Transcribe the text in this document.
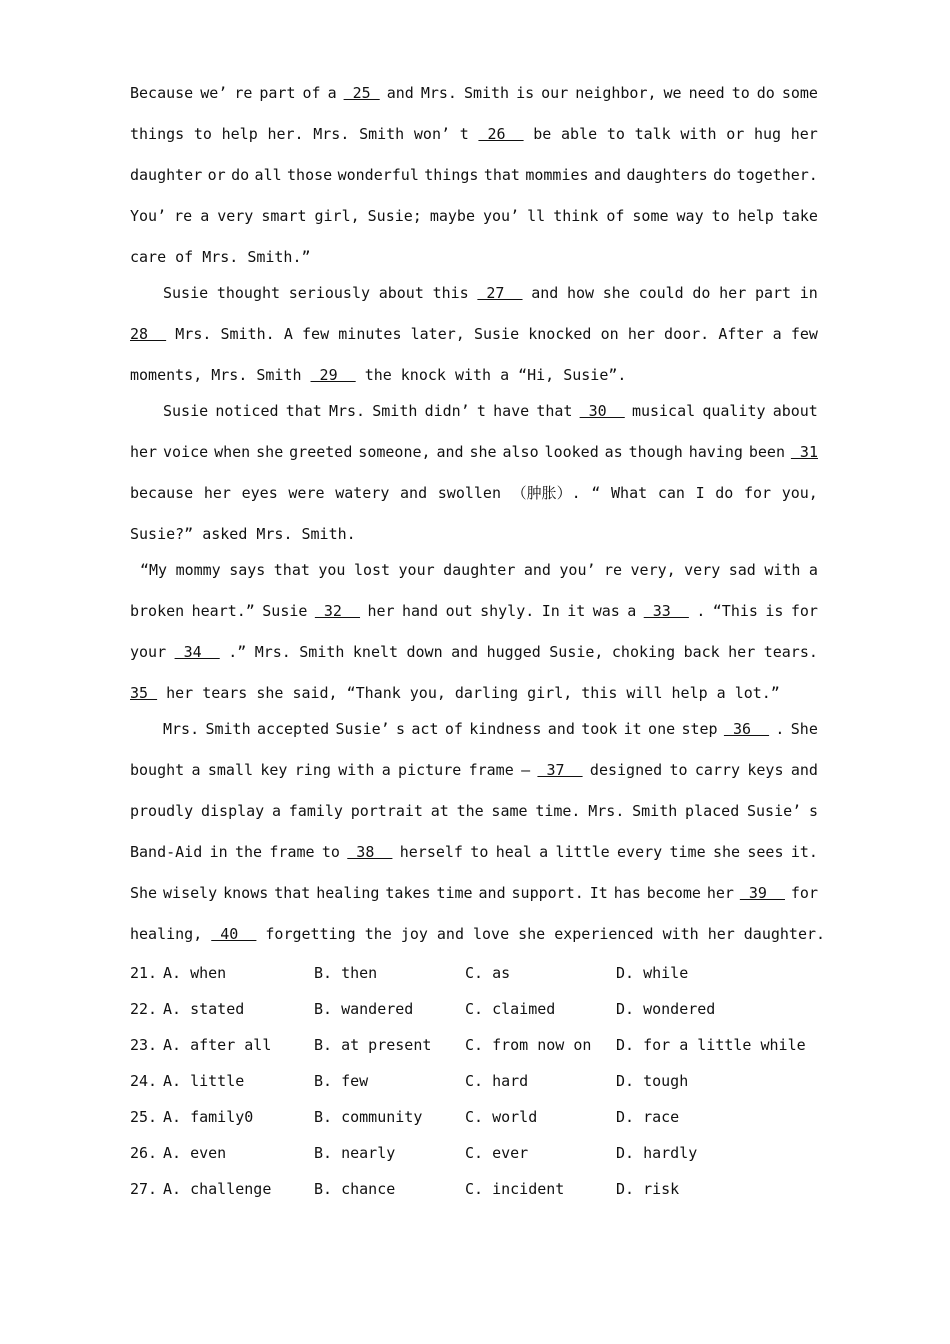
Because we’ re part of a 25 and Mrs. Smith is our neighbor, we need to do some
things to help her. Mrs. Smith won’ t 26 be able to talk with or hug her
daughter or do all those wonderful things that mommies and daughters do together.
You’ re a very smart girl, Susie; maybe you’ ll think of some way to help take
care of Mrs. Smith.”
Susie thought seriously about this 27 and how she could do her part in
28 Mrs. Smith. A few minutes later, Susie knocked on her door. After a few
moments, Mrs. Smith 29 the knock with a “Hi, Susie”.
Susie noticed that Mrs. Smith didn’ t have that 30 musical quality about
her voice when she greeted someone, and she also looked as though having been 31
because her eyes were watery and swollen （肿胀）. “ What can I do for you,
Susie?” asked Mrs. Smith.
“My mommy says that you lost your daughter and you’ re very, very sad with a
broken heart.” Susie 32 her hand out shyly. In it was a 33 . “This is for
your 34 .” Mrs. Smith knelt down and hugged Susie, choking back her tears.
35 her tears she said, “Thank you, darling girl, this will help a lot.”
Mrs. Smith accepted Susie’ s act of kindness and took it one step 36 . She
bought a small key ring with a picture frame — 37 designed to carry keys and
proudly display a family portrait at the same time. Mrs. Smith placed Susie’ s
Band-Aid in the frame to 38 herself to heal a little every time she sees it.
She wisely knows that healing takes time and support. It has become her 39 for
healing, 40 forgetting the joy and love she experienced with her daughter.
21. A. when	B. then	C. as	D. while
22. A. stated	B. wandered	C. claimed	D. wondered
23. A. after all	B. at present	C. from now on	D. for a little while
24. A. little	B. few	C. hard	D. tough
25. A. family0	B. community	C. world	D. race
26. A. even	B. nearly	C. ever	D. hardly
27. A. challenge	B. chance	C. incident	D. risk
